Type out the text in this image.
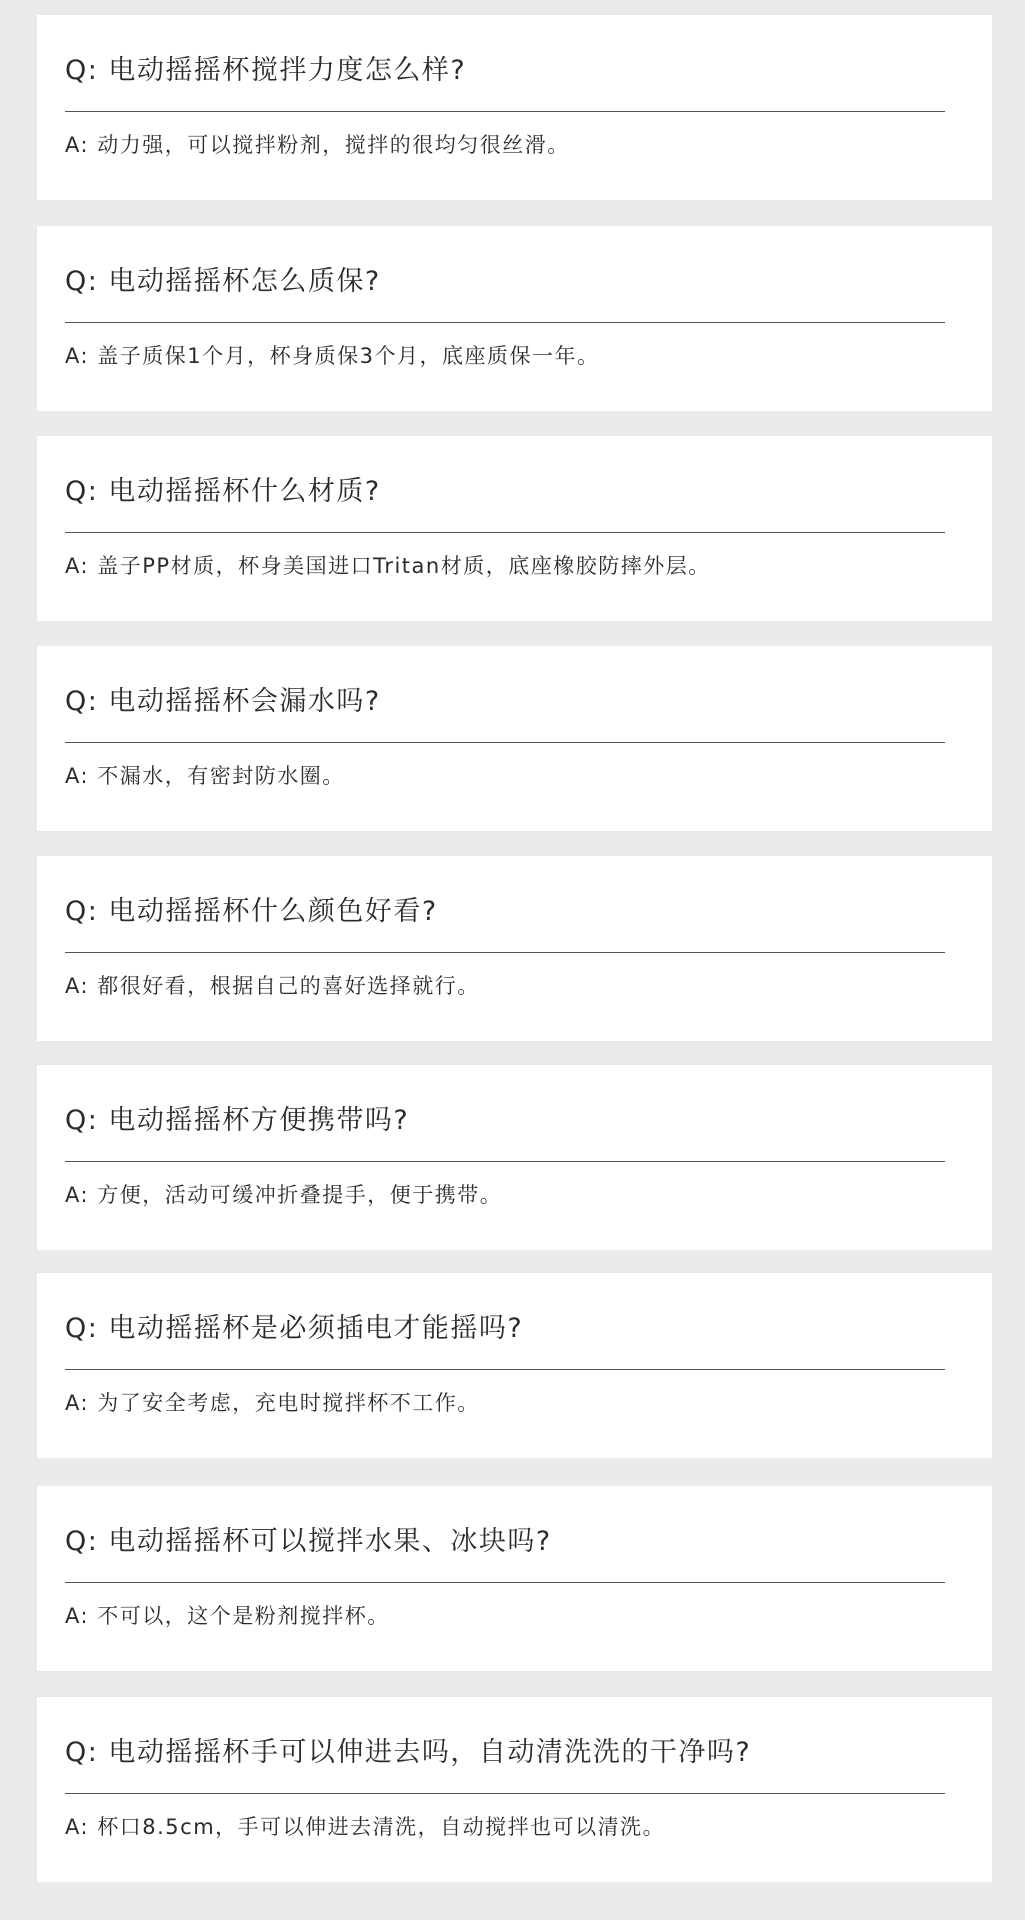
Q: 电动摇摇杯搅拌力度怎么样?
A: 动力强，可以搅拌粉剂，搅拌的很均匀很丝滑。
Q: 电动摇摇杯怎么质保?
A: 盖子质保1个月，杯身质保3个月，底座质保一年。
Q: 电动摇摇杯什么材质?
A: 盖子PP材质，杯身美国进口Tritan材质，底座橡胶防摔外层。
Q: 电动摇摇杯会漏水吗?
A: 不漏水，有密封防水圈。
Q: 电动摇摇杯什么颜色好看?
A: 都很好看，根据自己的喜好选择就行。
Q: 电动摇摇杯方便携带吗?
A: 方便，活动可缓冲折叠提手，便于携带。
Q: 电动摇摇杯是必须插电才能摇吗?
A: 为了安全考虑，充电时搅拌杯不工作。
Q: 电动摇摇杯可以搅拌水果、冰块吗?
A: 不可以，这个是粉剂搅拌杯。
Q: 电动摇摇杯手可以伸进去吗，自动清洗洗的干净吗?
A: 杯口8.5cm，手可以伸进去清洗，自动搅拌也可以清洗。
